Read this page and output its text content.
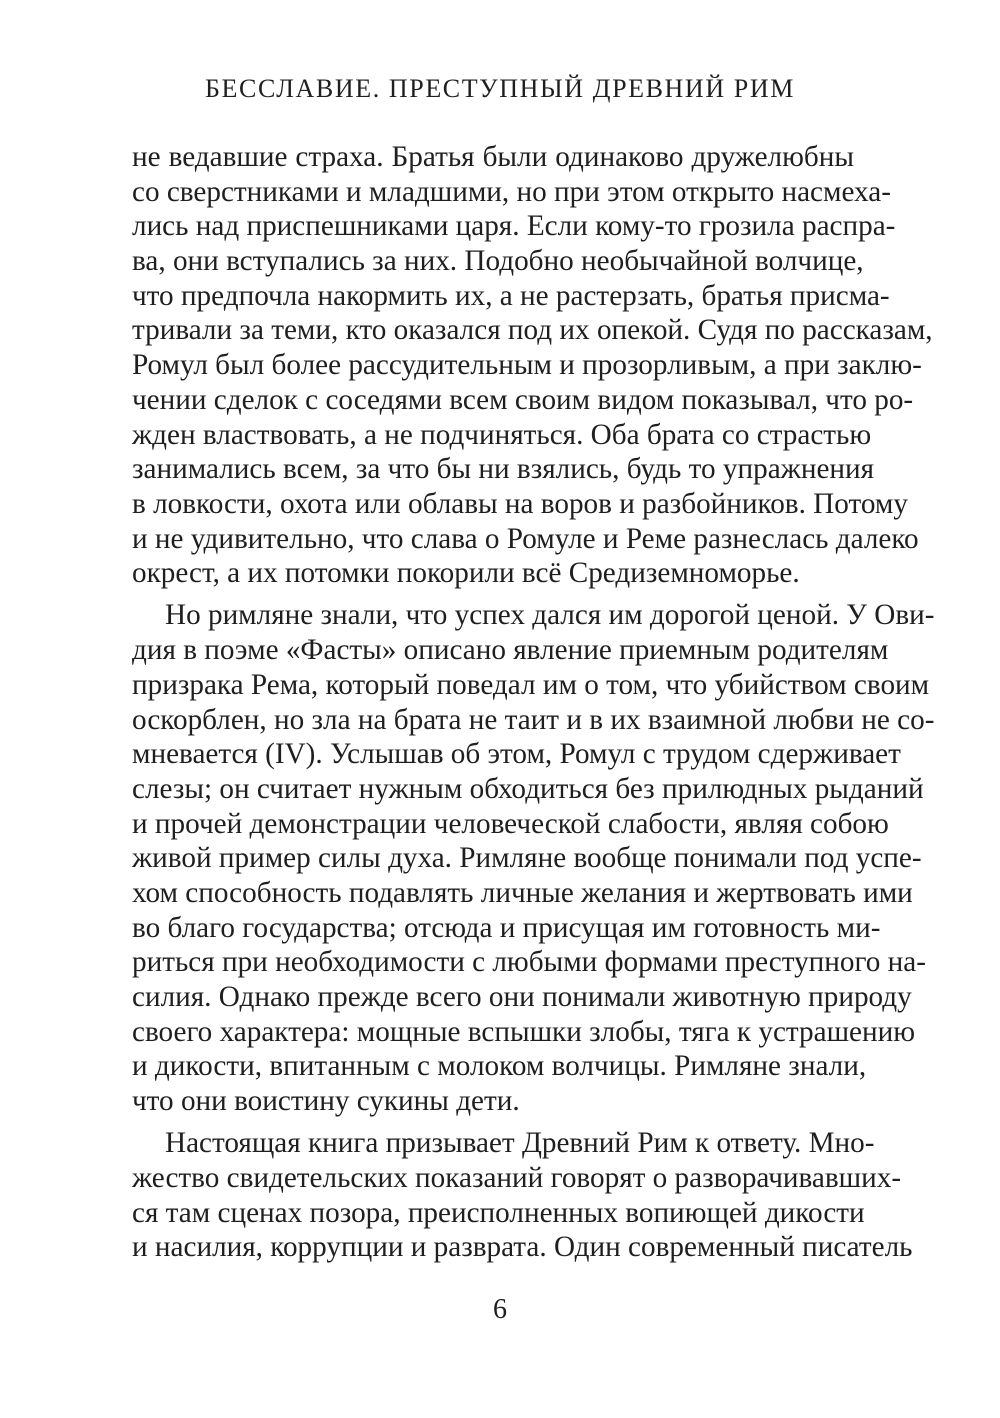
БЕССЛАВИЕ. ПРЕСТУПНЫЙ ДРЕВНИЙ РИМ
не ведавшие страха. Братья были одинаково дружелюбны
со сверстниками и младшими, но при этом открыто насмеха-
лись над приспешниками царя. Если кому-то грозила распра-
ва, они вступались за них. Подобно необычайной волчице,
что предпочла накормить их, а не растерзать, братья присма-
тривали за теми, кто оказался под их опекой. Судя по рассказам,
Ромул был более рассудительным и прозорливым, а при заклю-
чении сделок с соседями всем своим видом показывал, что ро-
жден властвовать, а не подчиняться. Оба брата со страстью
занимались всем, за что бы ни взялись, будь то упражнения
в ловкости, охота или облавы на воров и разбойников. Потому
и не удивительно, что слава о Ромуле и Реме разнеслась далеко
окрест, а их потомки покорили всё Средиземноморье.
Но римляне знали, что успех дался им дорогой ценой. У Ови-
дия в поэме «Фасты» описано явление приемным родителям
призрака Рема, который поведал им о том, что убийством своим
оскорблен, но зла на брата не таит и в их взаимной любви не со-
мневается (IV). Услышав об этом, Ромул с трудом сдерживает
слезы; он считает нужным обходиться без прилюдных рыданий
и прочей демонстрации человеческой слабости, являя собою
живой пример силы духа. Римляне вообще понимали под успе-
хом способность подавлять личные желания и жертвовать ими
во благо государства; отсюда и присущая им готовность ми-
риться при необходимости с любыми формами преступного на-
силия. Однако прежде всего они понимали животную природу
своего характера: мощные вспышки злобы, тяга к устрашению
и дикости, впитанным с молоком волчицы. Римляне знали,
что они воистину сукины дети.
Настоящая книга призывает Древний Рим к ответу. Мно-
жество свидетельских показаний говорят о разворачивавших-
ся там сценах позора, преисполненных вопиющей дикости
и насилия, коррупции и разврата. Один современный писатель
6
